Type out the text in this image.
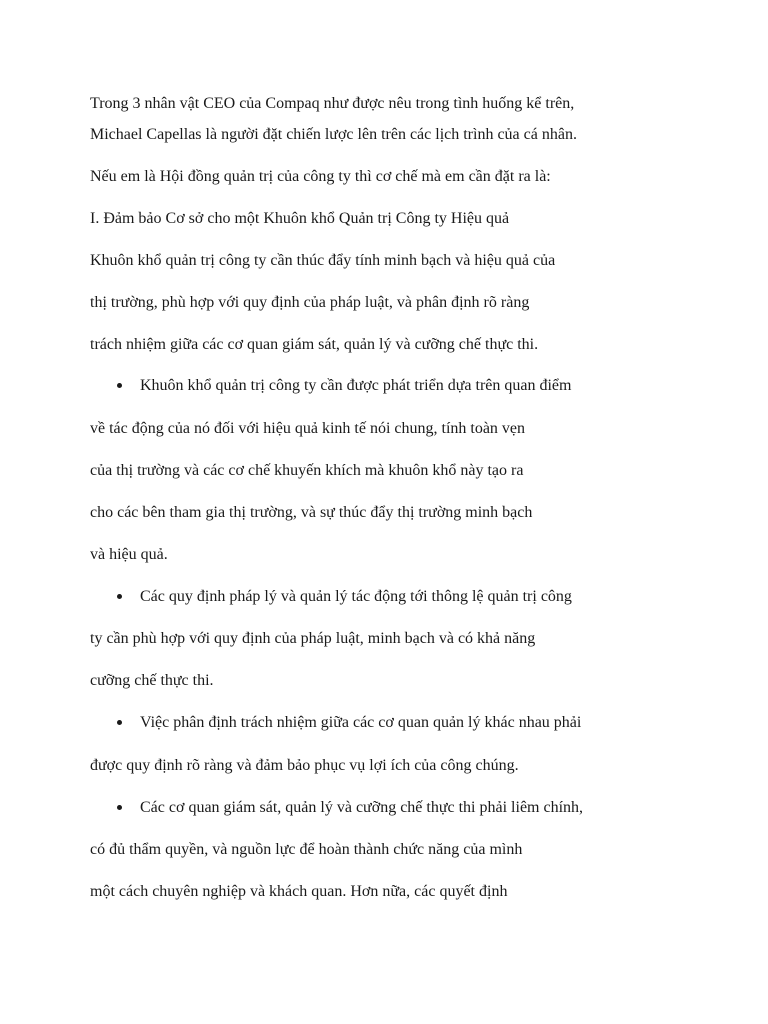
Trong 3 nhân vật CEO của Compaq như được nêu trong tình huống kể trên,
Michael Capellas là người đặt chiến lược lên trên các lịch trình của cá nhân.
Nếu em là Hội đồng quản trị của công ty thì cơ chế mà em cần đặt ra là:
I. Đảm bảo Cơ sở cho một Khuôn khổ Quản trị Công ty Hiệu quả
Khuôn khổ quản trị công ty cần thúc đẩy tính minh bạch và hiệu quả của
thị trường, phù hợp với quy định của pháp luật, và phân định rõ ràng
trách nhiệm giữa các cơ quan giám sát, quản lý và cưỡng chế thực thi.
Khuôn khổ quản trị công ty cần được phát triển dựa trên quan điểm
về tác động của nó đối với hiệu quả kinh tế nói chung, tính toàn vẹn
của thị trường và các cơ chế khuyến khích mà khuôn khổ này tạo ra
cho các bên tham gia thị trường, và sự thúc đẩy thị trường minh bạch
và hiệu quả.
Các quy định pháp lý và quản lý tác động tới thông lệ quản trị công
ty cần phù hợp với quy định của pháp luật, minh bạch và có khả năng
cưỡng chế thực thi.
Việc phân định trách nhiệm giữa các cơ quan quản lý khác nhau phải
được quy định rõ ràng và đảm bảo phục vụ lợi ích của công chúng.
Các cơ quan giám sát, quản lý và cưỡng chế thực thi phải liêm chính,
có đủ thẩm quyền, và nguồn lực để hoàn thành chức năng của mình
một cách chuyên nghiệp và khách quan. Hơn nữa, các quyết định
